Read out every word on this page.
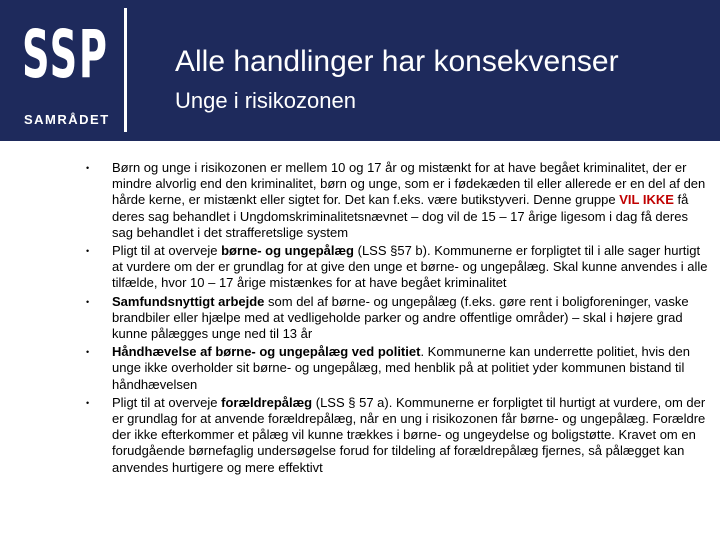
SSP
SAMRÅDET
Alle handlinger har konsekvenser
Unge i risikozonen
• Børn og unge i risikozonen er mellem 10 og 17 år og mistænkt for at have begået kriminalitet, der er mindre alvorlig end den kriminalitet, børn og unge, som er i fødekæden til eller allerede er en del af den hårde kerne, er mistænkt eller sigtet for. Det kan f.eks. være butikstyveri. Denne gruppe VIL IKKE få deres sag behandlet i Ungdomskriminalitetsnævnet – dog vil de 15 – 17 årige ligesom i dag få deres sag behandlet i det strafferetslige system
• Pligt til at overveje børne- og ungepålæg (LSS §57 b). Kommunerne er forpligtet til i alle sager hurtigt at vurdere om der er grundlag for at give den unge et børne- og ungepålæg. Skal kunne anvendes i alle tilfælde, hvor 10 – 17 årige mistænkes for at have begået kriminalitet
• Samfundsnyttigt arbejde som del af børne- og ungepålæg (f.eks. gøre rent i boligforeninger, vaske brandbiler eller hjælpe med at vedligeholde parker og andre offentlige områder) – skal i højere grad kunne pålægges unge ned til 13 år
• Håndhævelse af børne- og ungepålæg ved politiet. Kommunerne kan underrette politiet, hvis den unge ikke overholder sit børne- og ungepålæg, med henblik på at politiet yder kommunen bistand til håndhævelsen
• Pligt til at overveje forældrepålæg (LSS § 57 a). Kommunerne er forpligtet til hurtigt at vurdere, om der er grundlag for at anvende forældrepålæg, når en ung i risikozonen får børne- og ungepålæg. Forældre der ikke efterkommer et pålæg vil kunne trækkes i børne- og ungeydelse og boligstøtte. Kravet om en forudgående børnefaglig undersøgelse forud for tildeling af forældrepålæg fjernes, så pålægget kan anvendes hurtigere og mere effektivt
